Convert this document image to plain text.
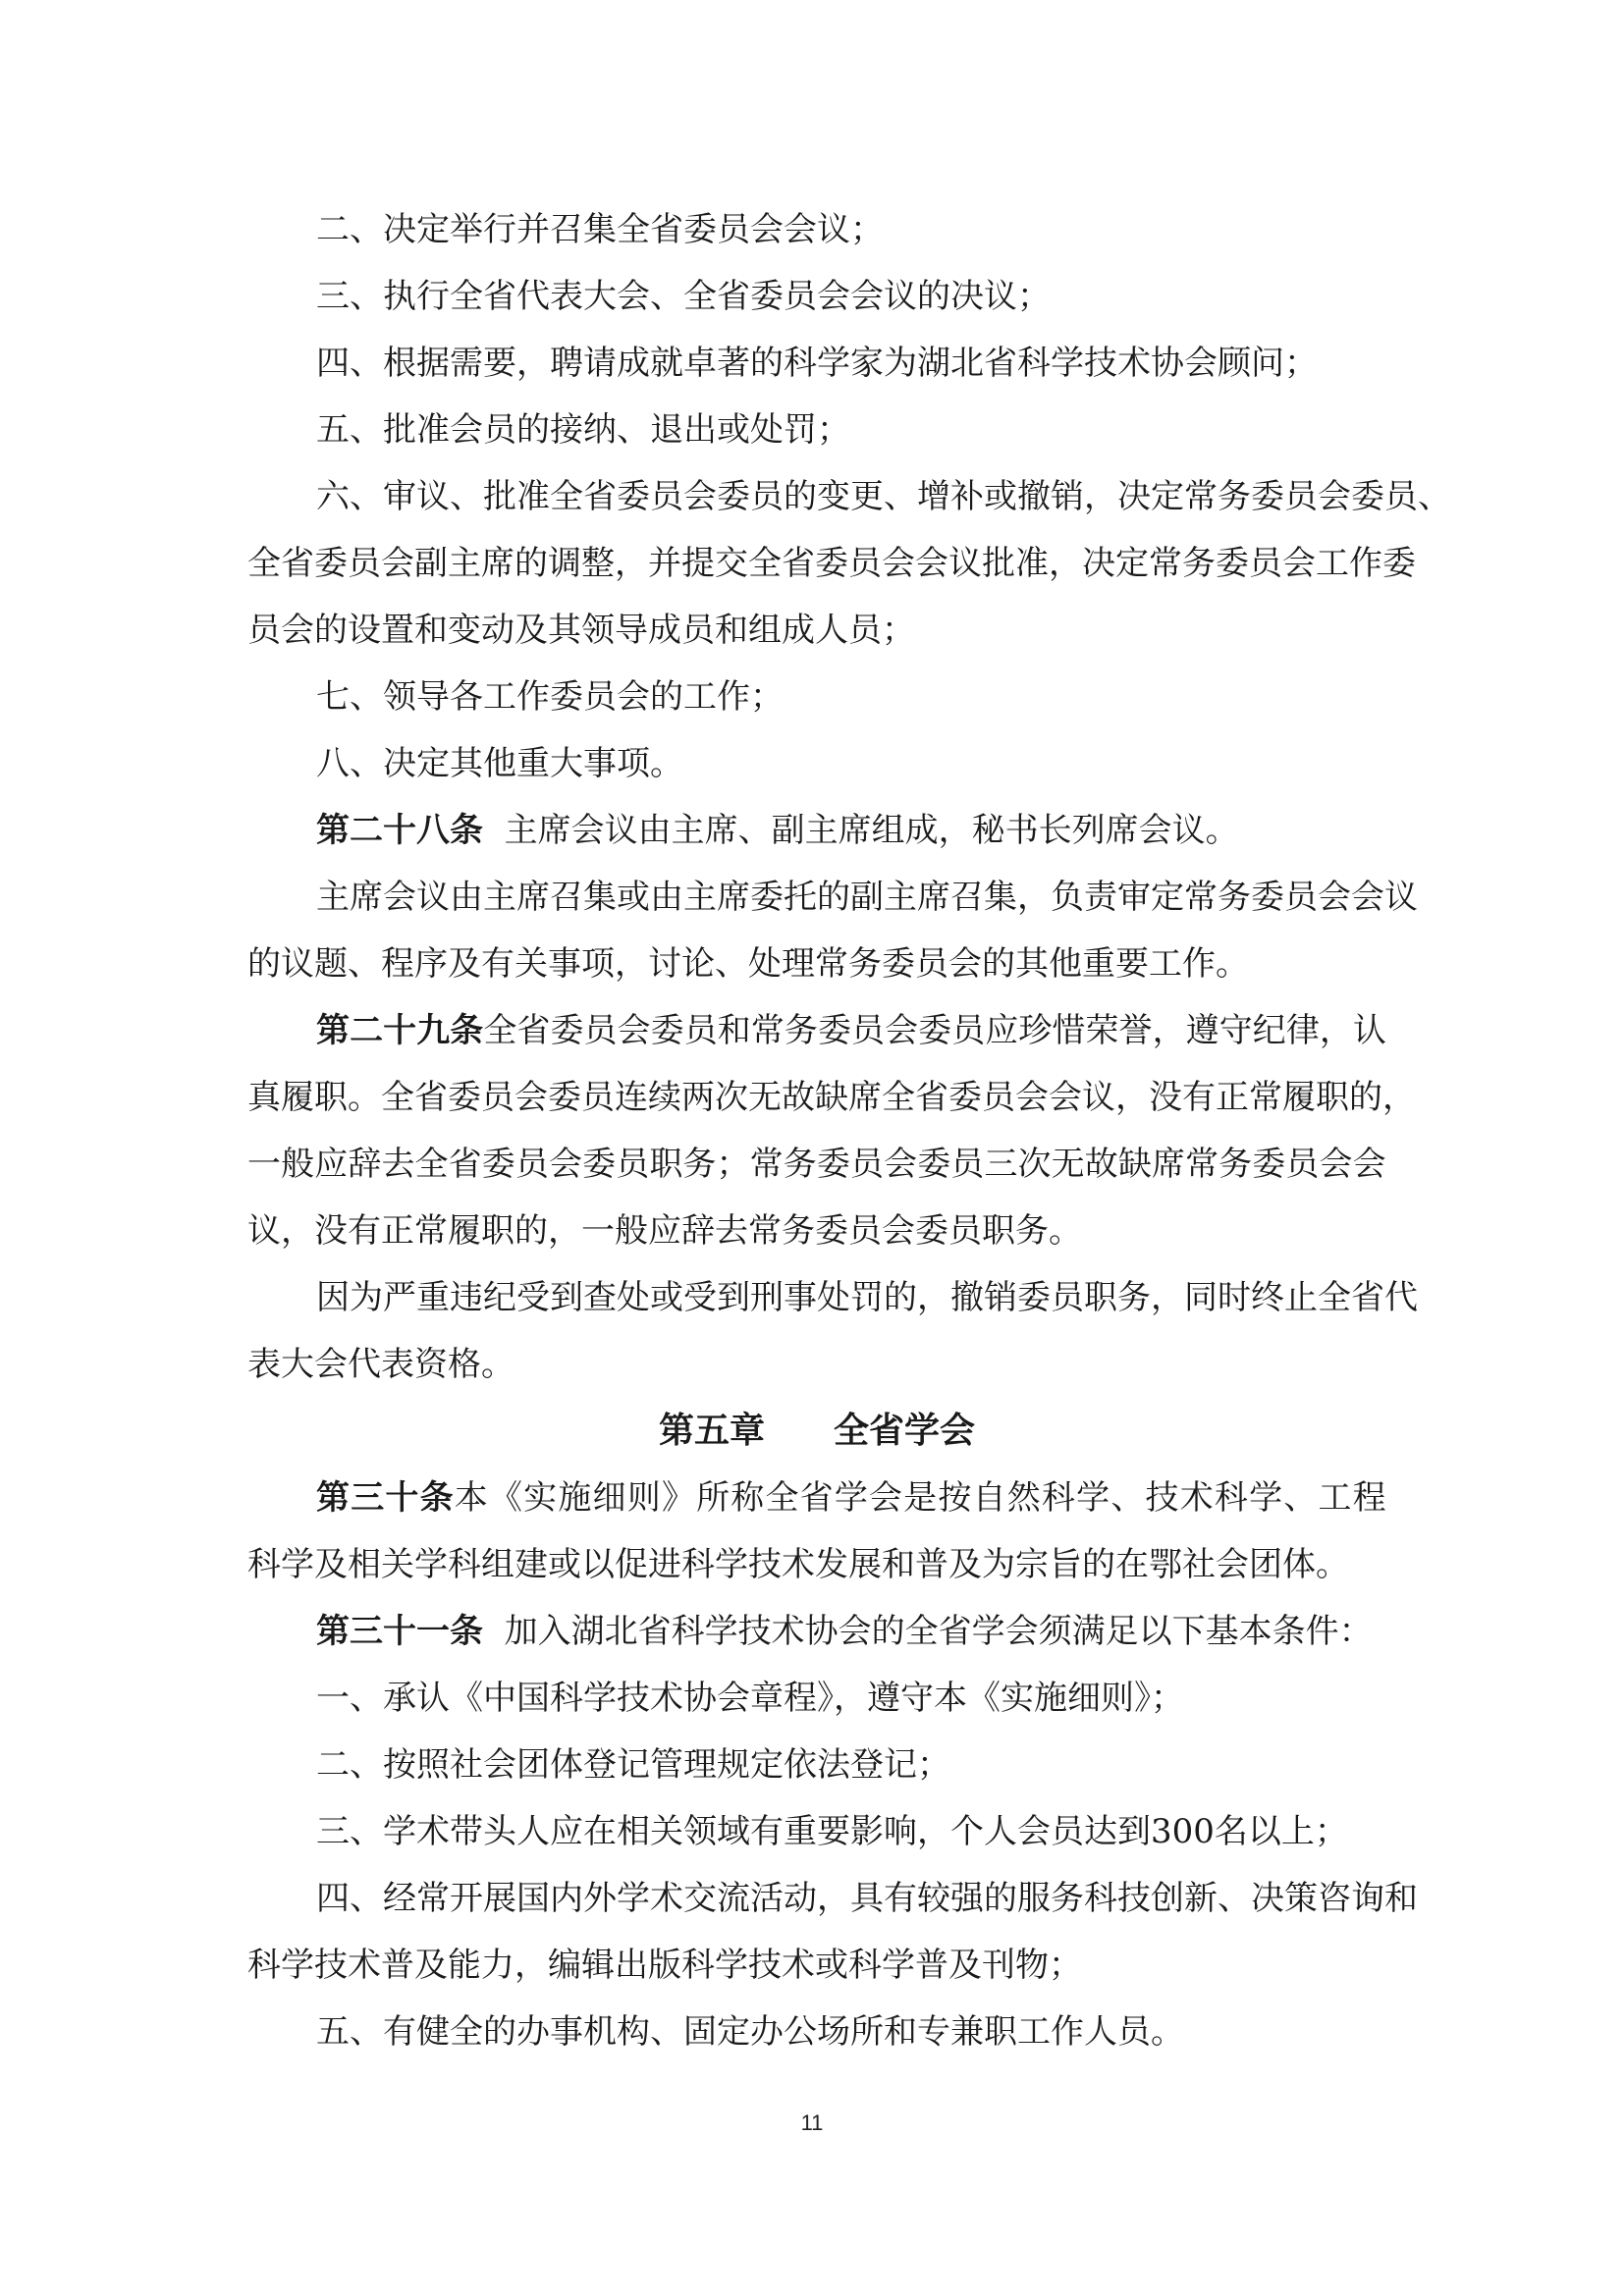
二、决定举行并召集全省委员会会议；
三、执行全省代表大会、全省委员会会议的决议；
四、根据需要，聘请成就卓著的科学家为湖北省科学技术协会顾问；
五、批准会员的接纳、退出或处罚；
六 、 审 议 、 批 准 全 省 委 员 会 委 员 的 变 更 、 增 补 或 撤 销 ， 决 定 常 务 委 员 会 委 员 、
全 省 委 员 会 副 主 席 的 调 整 ， 并 提 交 全 省 委 员 会 会 议 批 准 ， 决 定 常 务 委 员 会 工 作 委
员会的设置和变动及其领导成员和组成人员；
七、领导各工作委员会的工作；
八、决定其他重大事项。
第二十八条  主席会议由主席、副主席组成，秘书长列席会议。
主 席 会 议 由 主 席 召 集 或 由 主 席 委 托 的 副 主 席 召 集 ， 负 责 审 定 常 务 委 员 会 会 议
的议题、程序及有关事项，讨论、处理常务委员会的其他重要工作。
第 二 十 九 条 全 省 委 员 会 委 员 和 常 务 委 员 会 委 员 应 珍 惜 荣 誉 ， 遵 守 纪 律 ， 认
真 履 职 。 全 省 委 员 会 委 员 连 续 两 次 无 故 缺 席 全 省 委 员 会 会 议 ， 没 有 正 常 履 职 的 ，
一 般 应 辞 去 全 省 委 员 会 委 员 职 务 ； 常 务 委 员 会 委 员 三 次 无 故 缺 席 常 务 委 员 会 会
议，没有正常履职的，一般应辞去常务委员会委员职务。
因 为 严 重 违 纪 受 到 查 处 或 受 到 刑 事 处 罚 的 ， 撤 销 委 员 职 务 ， 同 时 终 止 全 省 代
表大会代表资格。
第五章 全省学会
第 三 十 条 本 《 实 施 细 则 》 所 称 全 省 学 会 是 按 自 然 科 学 、 技 术 科 学 、 工 程
科学及相关学科组建或以促进科学技术发展和普及为宗旨的在鄂社会团体。
第三十一条  加入湖北省科学技术协会的全省学会须满足以下基本条件：
一、承认《中国科学技术协会章程》，遵守本《实施细则》；
二、按照社会团体登记管理规定依法登记；
三、学术带头人应在相关领域有重要影响，个人会员达到300名以上；
四 、 经 常 开 展 国 内 外 学 术 交 流 活 动 ， 具 有 较 强 的 服 务 科 技 创 新 、 决 策 咨 询 和
科学技术普及能力，编辑出版科学技术或科学普及刊物；
五、有健全的办事机构、固定办公场所和专兼职工作人员。
11
